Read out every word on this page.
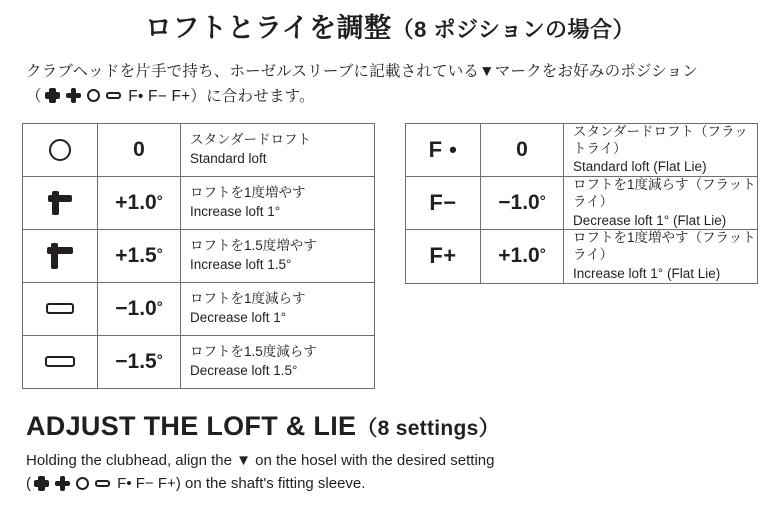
ロフトとライを調整（8 ポジションの場合）

クラブヘッドを片手で持ち、ホーゼルスリーブに記載されている▼マークをお好みのポジション
（	F• F− F+）に合わせます。

	0	スタンダードロフト
Standard loft

	+1.0°	ロフトを1度増やす
Increase loft 1°

	+1.5°	ロフトを1.5度増やす
Increase loft 1.5°

	−1.0°	ロフトを1度減らす
Decrease loft 1°

	−1.5°	ロフトを1.5度減らす
Decrease loft 1.5°
F •	0	スタンダードロフト（フラットライ）
Standard loft (Flat Lie)

F−	−1.0°	ロフトを1度減らす（フラットライ）
Decrease loft 1° (Flat Lie)

F+	+1.0°	ロフトを1度増やす（フラットライ）
Increase loft 1° (Flat Lie)
ADJUST THE LOFT & LIE（8 settings）

Holding the clubhead, align the ▼ on the hosel with the desired setting
(	F• F− F+) on the shaft's fitting sleeve.
